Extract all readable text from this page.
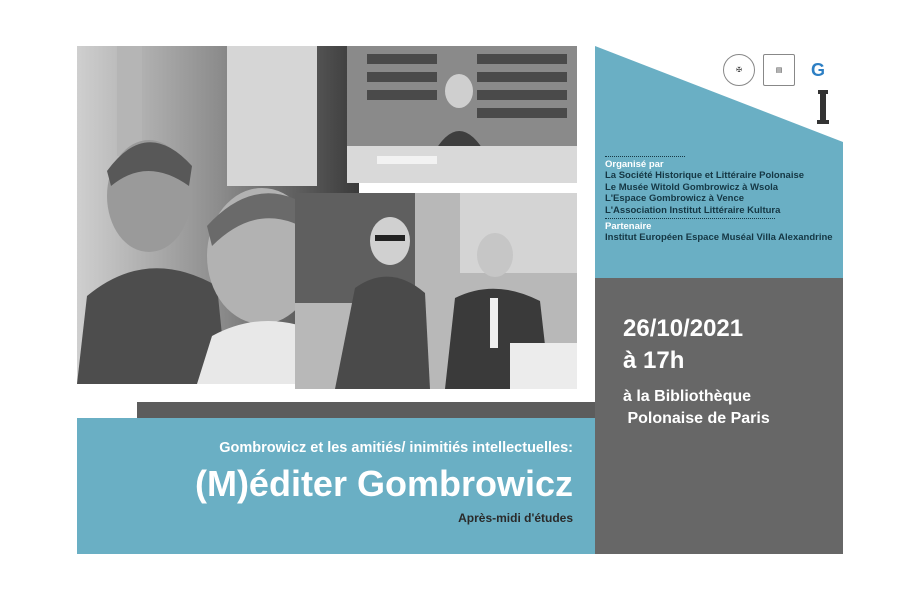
✠	▤	G
Organisé par
La Société Historique et Littéraire Polonaise
Le Musée Witold Gombrowicz à Wsola
L'Espace Gombrowicz à Vence
L'Association Institut Littéraire Kultura
Partenaire
Institut Européen Espace Muséal Villa Alexandrine
26/10/2021
à 17h
à la Bibliothèque
Polonaise de Paris
Gombrowicz et les amitiés/ inimitiés intellectuelles:
(M)éditer Gombrowicz
Après-midi d'études
